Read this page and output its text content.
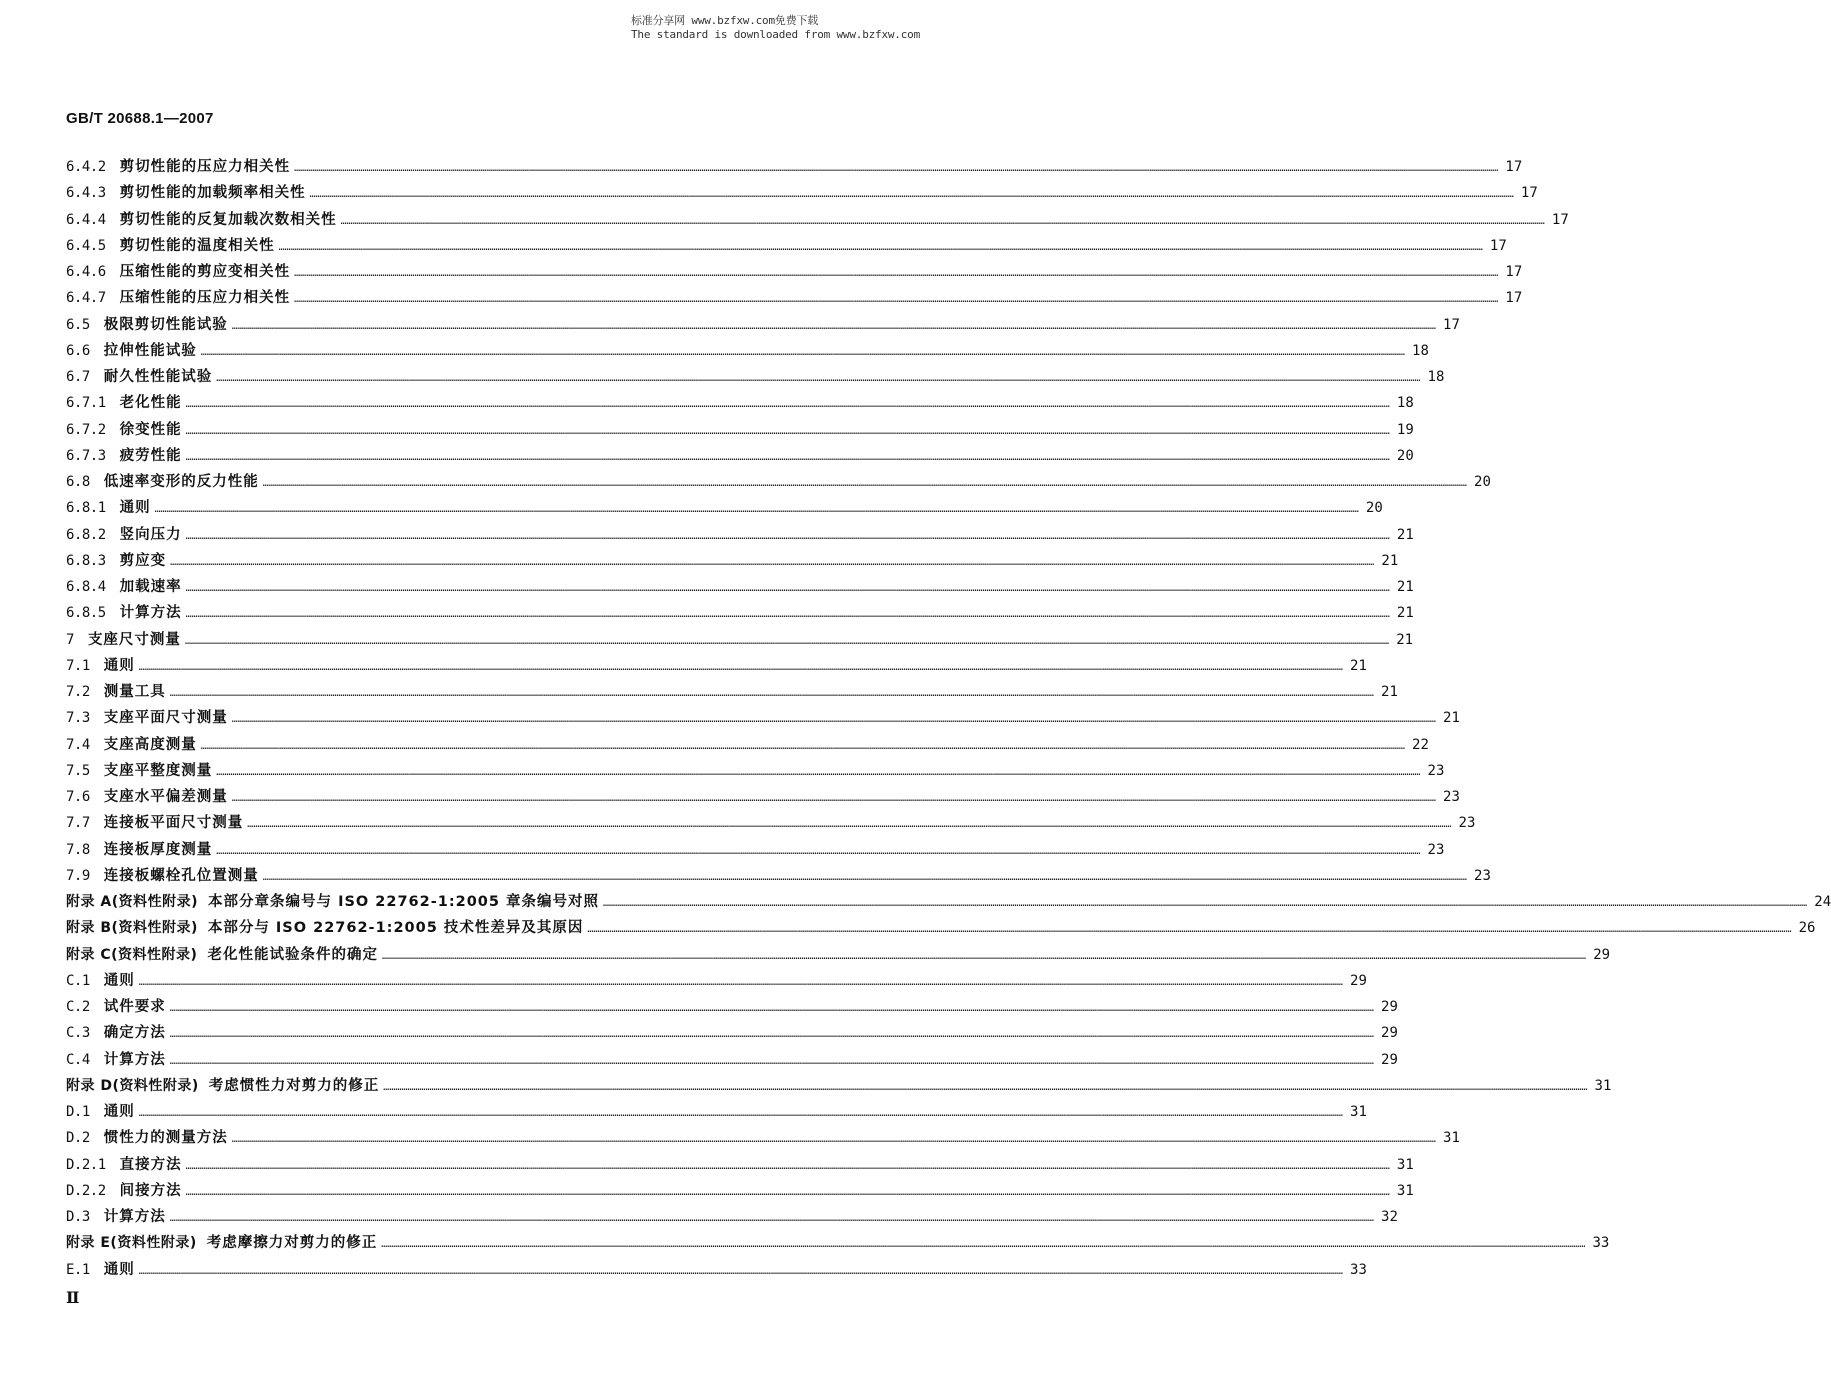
标准分享网 www.bzfxw.com免费下载
The standard is downloaded from www.bzfxw.com
GB/T 20688.1—2007
6.4.2 剪切性能的压应力相关性 …………………………………………………………………………………………………………………………………………………………………………………………………………………………………………………………………………………………………………………………………………………………………………………………………………………………………………………………………………………………………………………………………………………… 17
6.4.3 剪切性能的加载频率相关性 …………………………………………………………………………………………………………………………………………………………………………………………………………………………………………………………………………………………………………………………………………………………………………………………………………………………………………………………………………………………………………………………………………………… 17
6.4.4 剪切性能的反复加载次数相关性 …………………………………………………………………………………………………………………………………………………………………………………………………………………………………………………………………………………………………………………………………………………………………………………………………………………………………………………………………………………………………………………………………………………… 17
6.4.5 剪切性能的温度相关性 …………………………………………………………………………………………………………………………………………………………………………………………………………………………………………………………………………………………………………………………………………………………………………………………………………………………………………………………………………………………………………………………………………………… 17
6.4.6 压缩性能的剪应变相关性 …………………………………………………………………………………………………………………………………………………………………………………………………………………………………………………………………………………………………………………………………………………………………………………………………………………………………………………………………………………………………………………………………………………… 17
6.4.7 压缩性能的压应力相关性 …………………………………………………………………………………………………………………………………………………………………………………………………………………………………………………………………………………………………………………………………………………………………………………………………………………………………………………………………………………………………………………………………………………… 17
6.5 极限剪切性能试验 …………………………………………………………………………………………………………………………………………………………………………………………………………………………………………………………………………………………………………………………………………………………………………………………………………………………………………………………………………………………………………………………………………………… 17
6.6 拉伸性能试验 …………………………………………………………………………………………………………………………………………………………………………………………………………………………………………………………………………………………………………………………………………………………………………………………………………………………………………………………………………………………………………………………………………………… 18
6.7 耐久性性能试验 …………………………………………………………………………………………………………………………………………………………………………………………………………………………………………………………………………………………………………………………………………………………………………………………………………………………………………………………………………………………………………………………………………………… 18
6.7.1 老化性能 …………………………………………………………………………………………………………………………………………………………………………………………………………………………………………………………………………………………………………………………………………………………………………………………………………………………………………………………………………………………………………………………………………………… 18
6.7.2 徐变性能 …………………………………………………………………………………………………………………………………………………………………………………………………………………………………………………………………………………………………………………………………………………………………………………………………………………………………………………………………………………………………………………………………………………… 19
6.7.3 疲劳性能 …………………………………………………………………………………………………………………………………………………………………………………………………………………………………………………………………………………………………………………………………………………………………………………………………………………………………………………………………………………………………………………………………………………… 20
6.8 低速率变形的反力性能 …………………………………………………………………………………………………………………………………………………………………………………………………………………………………………………………………………………………………………………………………………………………………………………………………………………………………………………………………………………………………………………………………………………… 20
6.8.1 通则 …………………………………………………………………………………………………………………………………………………………………………………………………………………………………………………………………………………………………………………………………………………………………………………………………………………………………………………………………………………………………………………………………………………… 20
6.8.2 竖向压力 …………………………………………………………………………………………………………………………………………………………………………………………………………………………………………………………………………………………………………………………………………………………………………………………………………………………………………………………………………………………………………………………………………………… 21
6.8.3 剪应变 …………………………………………………………………………………………………………………………………………………………………………………………………………………………………………………………………………………………………………………………………………………………………………………………………………………………………………………………………………………………………………………………………………………… 21
6.8.4 加载速率 …………………………………………………………………………………………………………………………………………………………………………………………………………………………………………………………………………………………………………………………………………………………………………………………………………………………………………………………………………………………………………………………………………………… 21
6.8.5 计算方法 …………………………………………………………………………………………………………………………………………………………………………………………………………………………………………………………………………………………………………………………………………………………………………………………………………………………………………………………………………………………………………………………………………………… 21
7 支座尺寸测量 …………………………………………………………………………………………………………………………………………………………………………………………………………………………………………………………………………………………………………………………………………………………………………………………………………………………………………………………………………………………………………………………………………………… 21
7.1 通则 …………………………………………………………………………………………………………………………………………………………………………………………………………………………………………………………………………………………………………………………………………………………………………………………………………………………………………………………………………………………………………………………………………………… 21
7.2 测量工具 …………………………………………………………………………………………………………………………………………………………………………………………………………………………………………………………………………………………………………………………………………………………………………………………………………………………………………………………………………………………………………………………………………………… 21
7.3 支座平面尺寸测量 …………………………………………………………………………………………………………………………………………………………………………………………………………………………………………………………………………………………………………………………………………………………………………………………………………………………………………………………………………………………………………………………………………………… 21
7.4 支座高度测量 …………………………………………………………………………………………………………………………………………………………………………………………………………………………………………………………………………………………………………………………………………………………………………………………………………………………………………………………………………………………………………………………………………………… 22
7.5 支座平整度测量 …………………………………………………………………………………………………………………………………………………………………………………………………………………………………………………………………………………………………………………………………………………………………………………………………………………………………………………………………………………………………………………………………………………… 23
7.6 支座水平偏差测量 …………………………………………………………………………………………………………………………………………………………………………………………………………………………………………………………………………………………………………………………………………………………………………………………………………………………………………………………………………………………………………………………………………………… 23
7.7 连接板平面尺寸测量 …………………………………………………………………………………………………………………………………………………………………………………………………………………………………………………………………………………………………………………………………………………………………………………………………………………………………………………………………………………………………………………………………………………… 23
7.8 连接板厚度测量 …………………………………………………………………………………………………………………………………………………………………………………………………………………………………………………………………………………………………………………………………………………………………………………………………………………………………………………………………………………………………………………………………………………… 23
7.9 连接板螺栓孔位置测量 …………………………………………………………………………………………………………………………………………………………………………………………………………………………………………………………………………………………………………………………………………………………………………………………………………………………………………………………………………………………………………………………………………………… 23
附录 A(资料性附录) 本部分章条编号与 ISO 22762-1:2005 章条编号对照 …………………………………………………………………………………………………………………………………………………………………………………………………………………………………………………………………………………………………………………………………………………………………………………………………………………………………………………………………………………………………………………………………………………… 24
附录 B(资料性附录) 本部分与 ISO 22762-1:2005 技术性差异及其原因 …………………………………………………………………………………………………………………………………………………………………………………………………………………………………………………………………………………………………………………………………………………………………………………………………………………………………………………………………………………………………………………………………………………… 26
附录 C(资料性附录) 老化性能试验条件的确定 …………………………………………………………………………………………………………………………………………………………………………………………………………………………………………………………………………………………………………………………………………………………………………………………………………………………………………………………………………………………………………………………………………………… 29
C.1 通则 …………………………………………………………………………………………………………………………………………………………………………………………………………………………………………………………………………………………………………………………………………………………………………………………………………………………………………………………………………………………………………………………………………………… 29
C.2 试件要求 …………………………………………………………………………………………………………………………………………………………………………………………………………………………………………………………………………………………………………………………………………………………………………………………………………………………………………………………………………………………………………………………………………………… 29
C.3 确定方法 …………………………………………………………………………………………………………………………………………………………………………………………………………………………………………………………………………………………………………………………………………………………………………………………………………………………………………………………………………………………………………………………………………………… 29
C.4 计算方法 …………………………………………………………………………………………………………………………………………………………………………………………………………………………………………………………………………………………………………………………………………………………………………………………………………………………………………………………………………………………………………………………………………………… 29
附录 D(资料性附录) 考虑惯性力对剪力的修正 …………………………………………………………………………………………………………………………………………………………………………………………………………………………………………………………………………………………………………………………………………………………………………………………………………………………………………………………………………………………………………………………………………………… 31
D.1 通则 …………………………………………………………………………………………………………………………………………………………………………………………………………………………………………………………………………………………………………………………………………………………………………………………………………………………………………………………………………………………………………………………………………………… 31
D.2 惯性力的测量方法 …………………………………………………………………………………………………………………………………………………………………………………………………………………………………………………………………………………………………………………………………………………………………………………………………………………………………………………………………………………………………………………………………………………… 31
D.2.1 直接方法 …………………………………………………………………………………………………………………………………………………………………………………………………………………………………………………………………………………………………………………………………………………………………………………………………………………………………………………………………………………………………………………………………………………… 31
D.2.2 间接方法 …………………………………………………………………………………………………………………………………………………………………………………………………………………………………………………………………………………………………………………………………………………………………………………………………………………………………………………………………………………………………………………………………………………… 31
D.3 计算方法 …………………………………………………………………………………………………………………………………………………………………………………………………………………………………………………………………………………………………………………………………………………………………………………………………………………………………………………………………………………………………………………………………………………… 32
附录 E(资料性附录) 考虑摩擦力对剪力的修正 …………………………………………………………………………………………………………………………………………………………………………………………………………………………………………………………………………………………………………………………………………………………………………………………………………………………………………………………………………………………………………………………………………………… 33
E.1 通则 …………………………………………………………………………………………………………………………………………………………………………………………………………………………………………………………………………………………………………………………………………………………………………………………………………………………………………………………………………………………………………………………………………………… 33
Ⅱ
